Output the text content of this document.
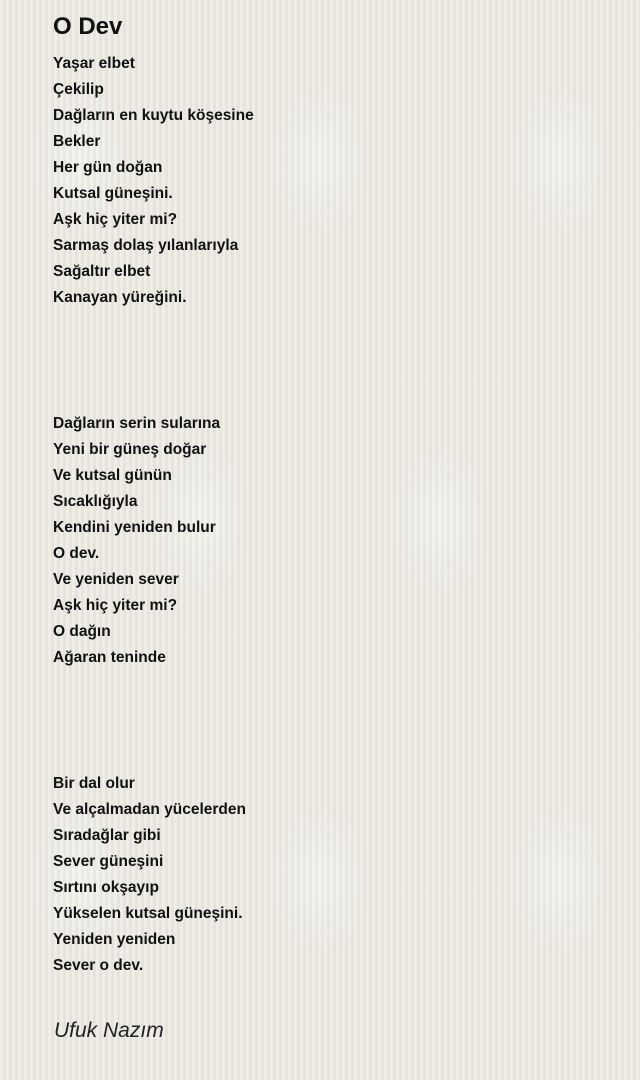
O Dev
Yaşar elbet
Çekilip
Dağların en kuytu köşesine
Bekler
Her gün doğan
Kutsal güneşini.
Aşk hiç yiter mi?
Sarmaş dolaş yılanlarıyla
Sağaltır elbet
Kanayan yüreğini.
Dağların serin sularına
Yeni bir güneş doğar
Ve kutsal günün
Sıcaklığıyla
Kendini yeniden bulur
O dev.
Ve yeniden sever
Aşk hiç yiter mi?
O dağın
Ağaran teninde
Bir dal olur
Ve alçalmadan yücelerden
Sıradağlar gibi
Sever güneşini
Sırtını okşayıp
Yükselen kutsal güneşini.
Yeniden yeniden
Sever o dev.

Ufuk Nazım
